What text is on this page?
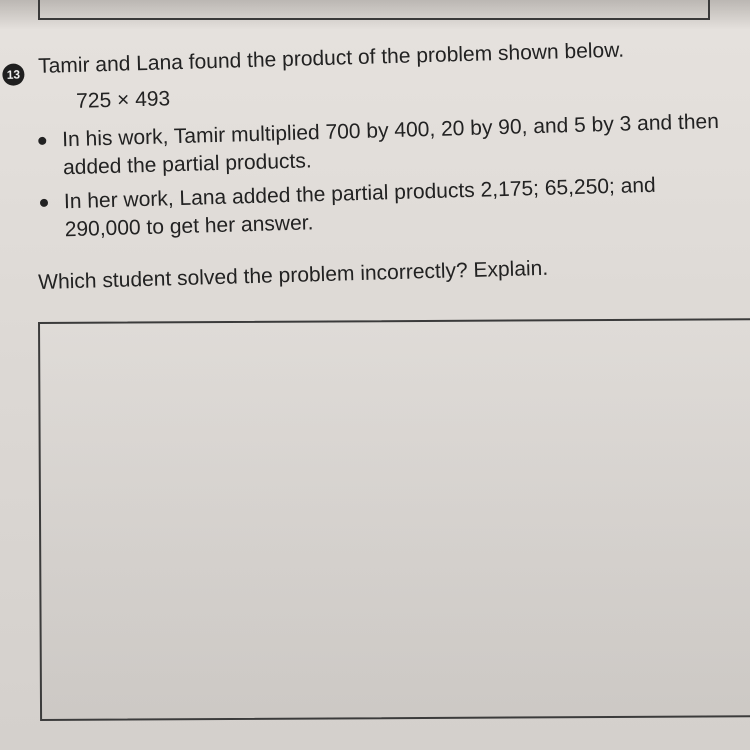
13 Tamir and Lana found the product of the problem shown below.
725 × 493
In his work, Tamir multiplied 700 by 400, 20 by 90, and 5 by 3 and then added the partial products.
In her work, Lana added the partial products 2,175; 65,250; and 290,000 to get her answer.
Which student solved the problem incorrectly? Explain.
